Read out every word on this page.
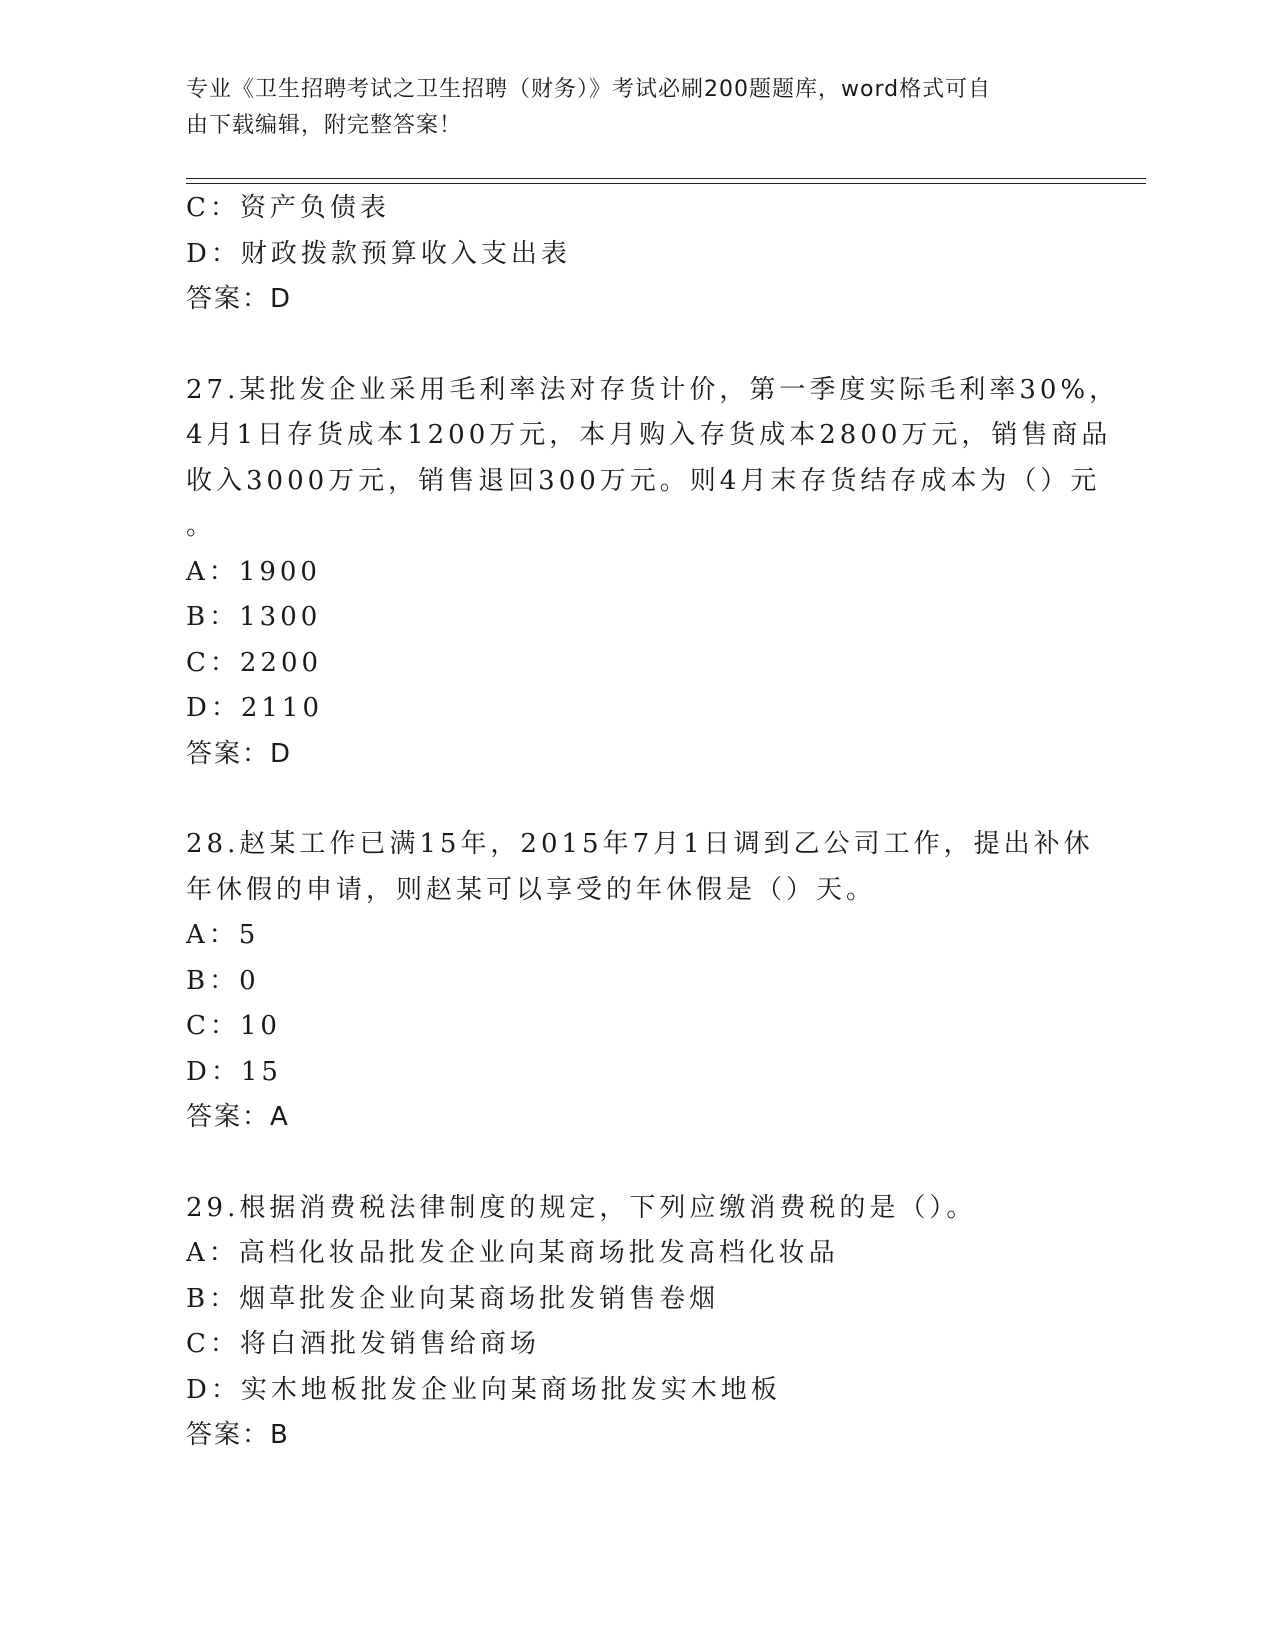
专业《卫生招聘考试之卫生招聘（财务）》考试必刷200题题库，word格式可自
由下载编辑，附完整答案！
C：资产负债表
D：财政拨款预算收入支出表
答案：D
27.某批发企业采用毛利率法对存货计价，第一季度实际毛利率30%，
4月1日存货成本1200万元，本月购入存货成本2800万元，销售商品
收入3000万元，销售退回300万元。则4月末存货结存成本为（）元
。
A：1900
B：1300
C：2200
D：2110
答案：D
28.赵某工作已满15年，2015年7月1日调到乙公司工作，提出补休
年休假的申请，则赵某可以享受的年休假是（）天。
A：5
B：0
C：10
D：15
答案：A
29.根据消费税法律制度的规定，下列应缴消费税的是（）。
A：高档化妆品批发企业向某商场批发高档化妆品
B：烟草批发企业向某商场批发销售卷烟
C：将白酒批发销售给商场
D：实木地板批发企业向某商场批发实木地板
答案：B
